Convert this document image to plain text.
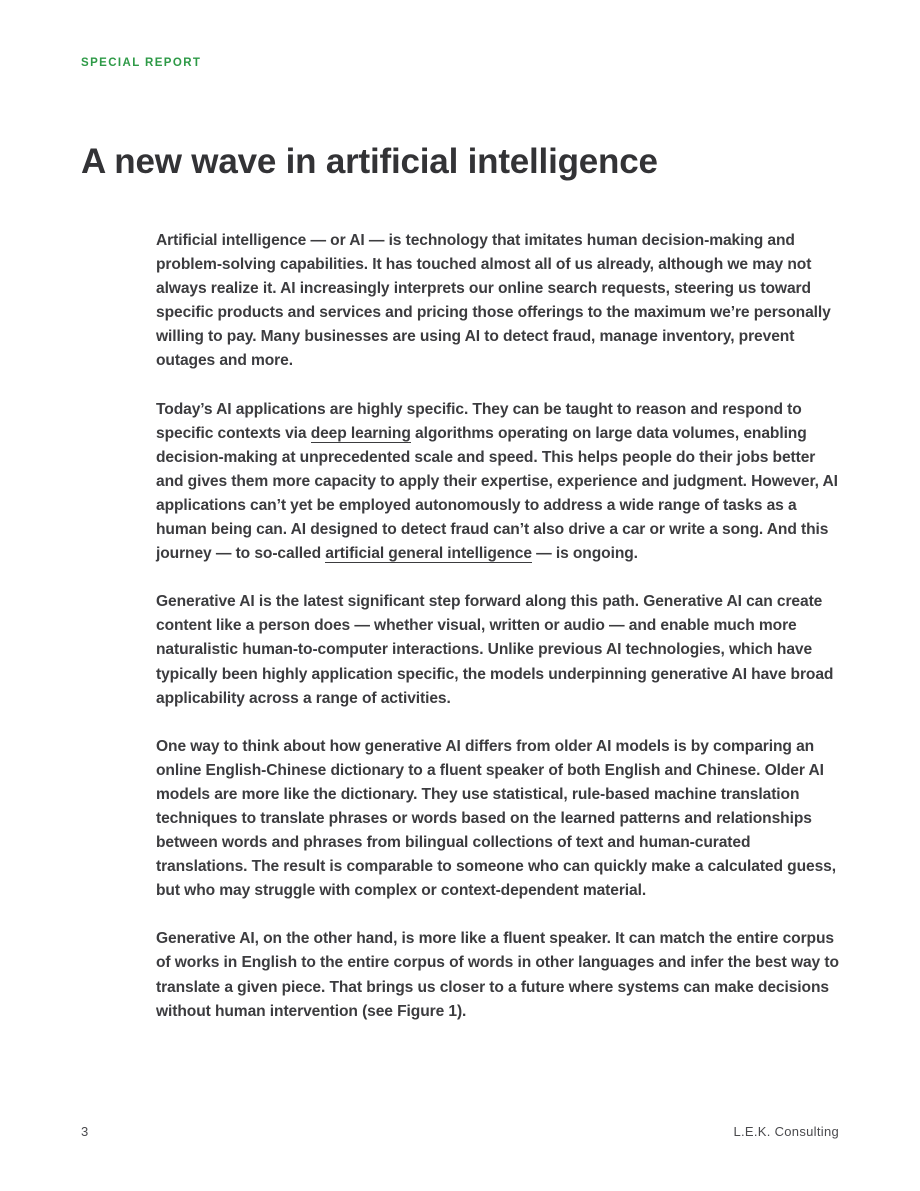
SPECIAL REPORT
A new wave in artificial intelligence

Artificial intelligence — or AI — is technology that imitates human decision-making and problem-solving capabilities. It has touched almost all of us already, although we may not always realize it. AI increasingly interprets our online search requests, steering us toward specific products and services and pricing those offerings to the maximum we’re personally willing to pay. Many businesses are using AI to detect fraud, manage inventory, prevent outages and more.

Today’s AI applications are highly specific. They can be taught to reason and respond to specific contexts via deep learning algorithms operating on large data volumes, enabling decision-making at unprecedented scale and speed. This helps people do their jobs better and gives them more capacity to apply their expertise, experience and judgment. However, AI applications can’t yet be employed autonomously to address a wide range of tasks as a human being can. AI designed to detect fraud can’t also drive a car or write a song. And this journey — to so-called artificial general intelligence — is ongoing.

Generative AI is the latest significant step forward along this path. Generative AI can create content like a person does — whether visual, written or audio — and enable much more naturalistic human-to-computer interactions. Unlike previous AI technologies, which have typically been highly application specific, the models underpinning generative AI have broad applicability across a range of activities.

One way to think about how generative AI differs from older AI models is by comparing an online English-Chinese dictionary to a fluent speaker of both English and Chinese. Older AI models are more like the dictionary. They use statistical, rule-based machine translation techniques to translate phrases or words based on the learned patterns and relationships between words and phrases from bilingual collections of text and human-curated translations. The result is comparable to someone who can quickly make a calculated guess, but who may struggle with complex or context-dependent material.

Generative AI, on the other hand, is more like a fluent speaker. It can match the entire corpus of works in English to the entire corpus of words in other languages and infer the best way to translate a given piece. That brings us closer to a future where systems can make decisions without human intervention (see Figure 1).

3	L.E.K. Consulting
